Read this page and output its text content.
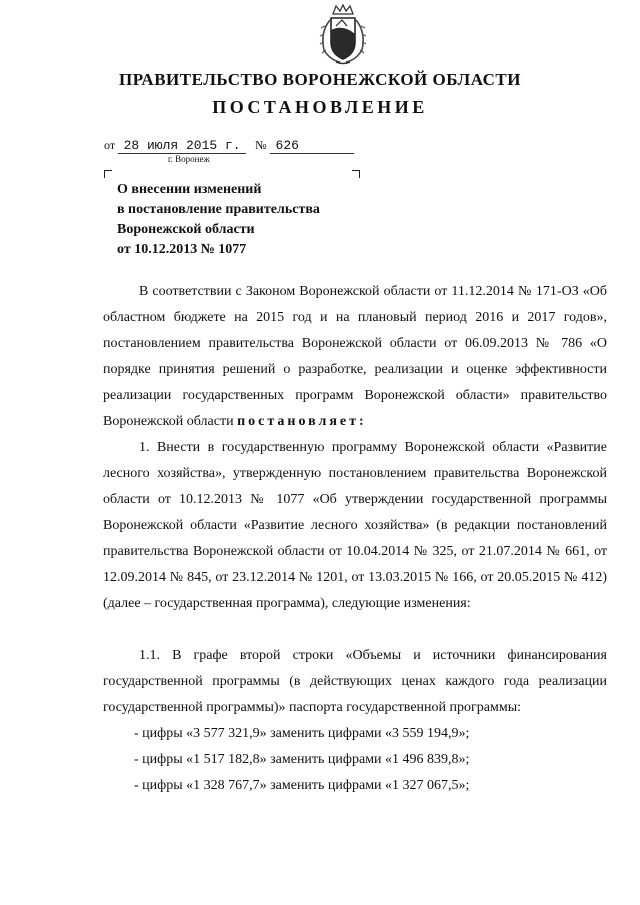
ПРАВИТЕЛЬСТВО ВОРОНЕЖСКОЙ ОБЛАСТИ
ПОСТАНОВЛЕНИЕ
от 28 июля 2015 г. № 626
г. Воронеж
О внесении изменений
в постановление правительства
Воронежской области
от 10.12.2013 № 1077
В соответствии с Законом Воронежской области от 11.12.2014 № 171-ОЗ «Об областном бюджете на 2015 год и на плановый период 2016 и 2017 годов», постановлением правительства Воронежской области от 06.09.2013 № 786 «О порядке принятия решений о разработке, реализации и оценке эффективности реализации государственных программ Воронежской области» правительство Воронежской области постановляет:
1. Внести в государственную программу Воронежской области «Развитие лесного хозяйства», утвержденную постановлением правительства Воронежской области от 10.12.2013 № 1077 «Об утверждении государственной программы Воронежской области «Развитие лесного хозяйства» (в редакции постановлений правительства Воронежской области от 10.04.2014 № 325, от 21.07.2014 № 661, от 12.09.2014 № 845, от 23.12.2014 № 1201, от 13.03.2015 № 166, от 20.05.2015 № 412) (далее – государственная программа), следующие изменения:
1.1. В графе второй строки «Объемы и источники финансирования государственной программы (в действующих ценах каждого года реализации государственной программы)» паспорта государственной программы:
- цифры «3 577 321,9» заменить цифрами «3 559 194,9»;
- цифры «1 517 182,8» заменить цифрами «1 496 839,8»;
- цифры «1 328 767,7» заменить цифрами «1 327 067,5»;
